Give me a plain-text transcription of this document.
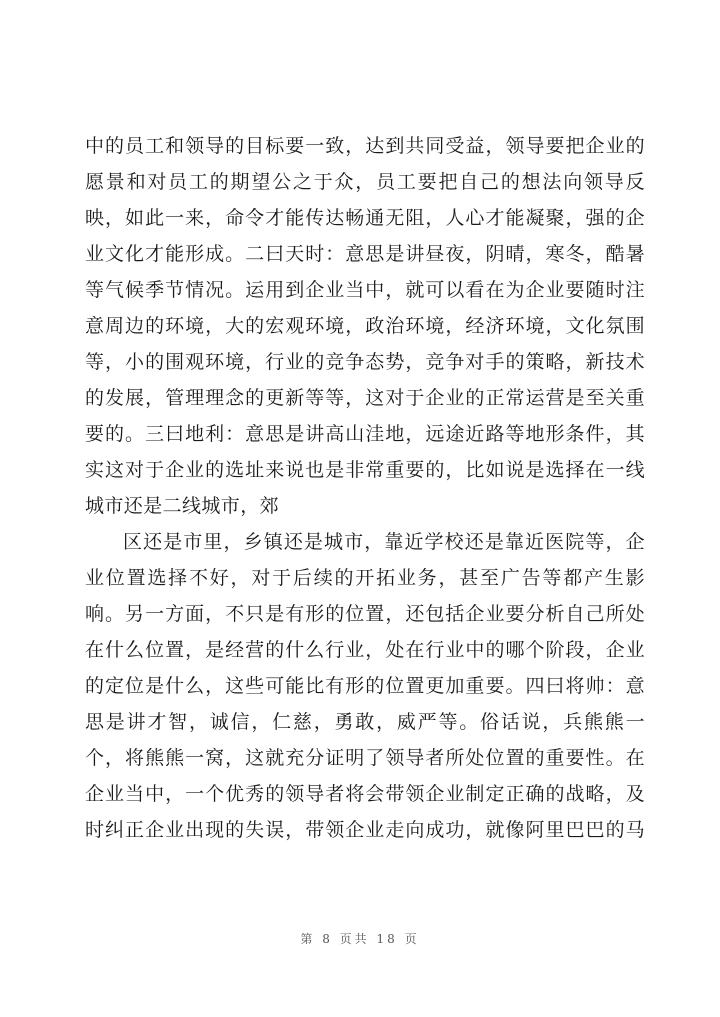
中的员工和领导的目标要一致，达到共同受益，领导要把企业的

愿景和对员工的期望公之于众，员工要把自己的想法向领导反

映，如此一来，命令才能传达畅通无阻，人心才能凝聚，强的企

业文化才能形成。二曰天时：意思是讲昼夜，阴晴，寒冬，酷暑

等气候季节情况。运用到企业当中，就可以看在为企业要随时注

意周边的环境，大的宏观环境，政治环境，经济环境，文化氛围

等，小的围观环境，行业的竞争态势，竞争对手的策略，新技术

的发展，管理理念的更新等等，这对于企业的正常运营是至关重

要的。三曰地利：意思是讲高山洼地，远途近路等地形条件，其

实这对于企业的选址来说也是非常重要的，比如说是选择在一线

城市还是二线城市，郊

区还是市里，乡镇还是城市，靠近学校还是靠近医院等，企

业位置选择不好，对于后续的开拓业务，甚至广告等都产生影

响。另一方面，不只是有形的位置，还包括企业要分析自己所处

在什么位置，是经营的什么行业，处在行业中的哪个阶段，企业

的定位是什么，这些可能比有形的位置更加重要。四曰将帅：意

思是讲才智，诚信，仁慈，勇敢，威严等。俗话说，兵熊熊一

个，将熊熊一窝，这就充分证明了领导者所处位置的重要性。在

企业当中，一个优秀的领导者将会带领企业制定正确的战略，及

时纠正企业出现的失误，带领企业走向成功，就像阿里巴巴的马

第 8 页共 18 页
